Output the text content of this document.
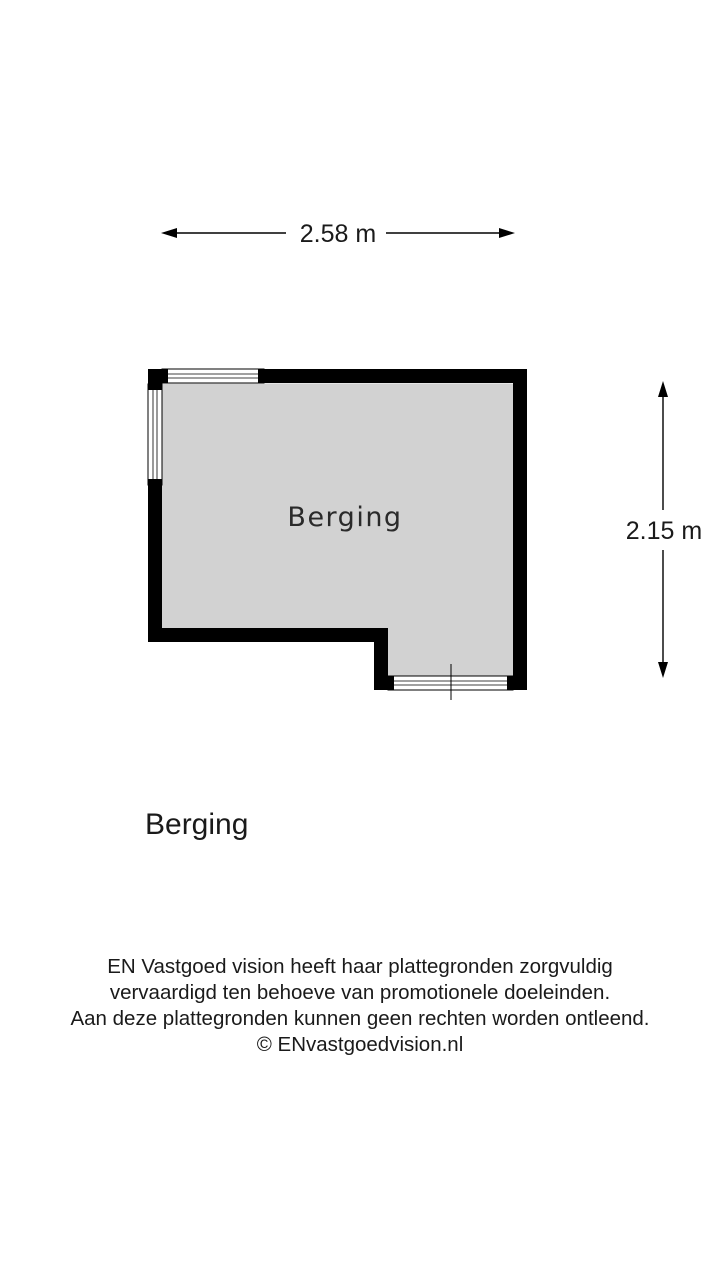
2.58 m
2.15 m
Berging
Berging
EN Vastgoed vision heeft haar plattegronden zorgvuldig
vervaardigd ten behoeve van promotionele doeleinden.
Aan deze plattegronden kunnen geen rechten worden ontleend.
© ENvastgoedvision.nl
